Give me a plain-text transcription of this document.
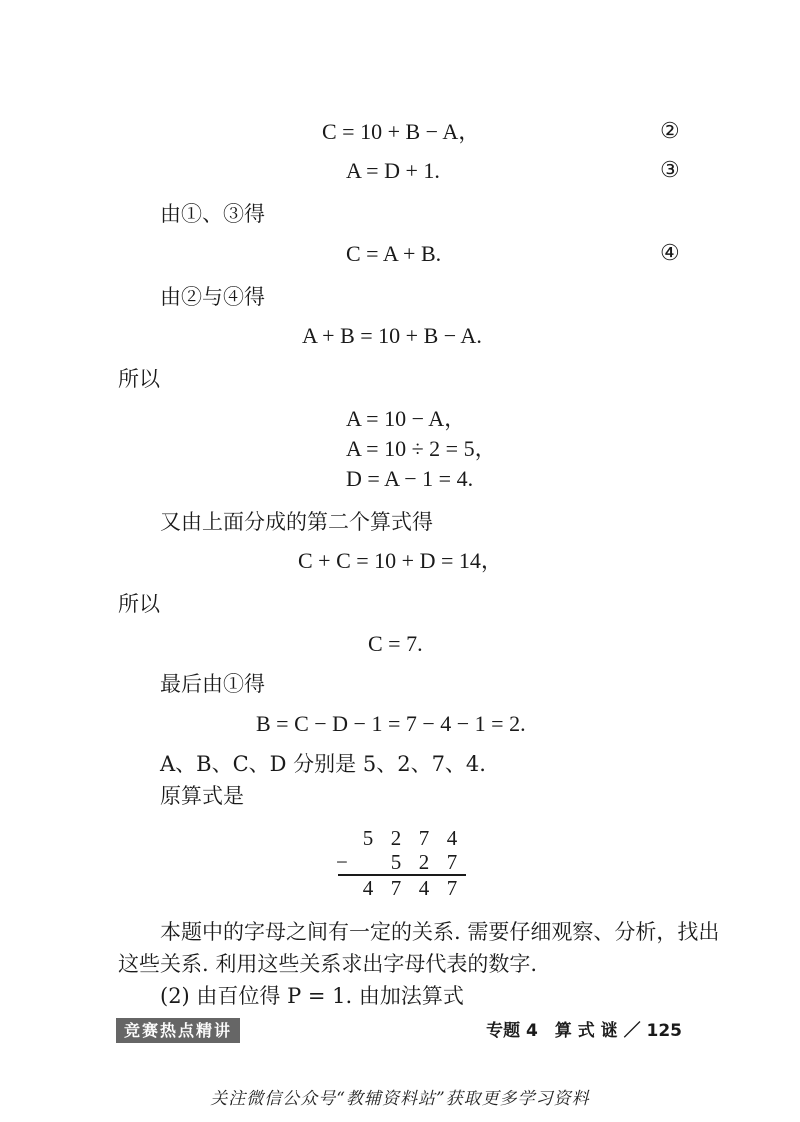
C = 10 + B − A，	②
A = D + 1.	③
由①、③得
C = A + B.	④
由②与④得
A + B = 10 + B − A.
所以
A = 10 − A，
A = 10 ÷ 2 = 5，
D = A − 1 = 4.
又由上面分成的第二个算式得
C + C = 10 + D = 14，
所以
C = 7.
最后由①得
B = C − D − 1 = 7 − 4 − 1 = 2.
A、B、C、D 分别是 5、2、7、4.
原算式是
5 2 7 4
−	5 2 7
4 7 4 7
本题中的字母之间有一定的关系. 需要仔细观察、分析，找出
这些关系. 利用这些关系求出字母代表的数字.
(2) 由百位得 P = 1. 由加法算式
竞赛热点精讲	专题 4　算 式 谜 ／ 125
关注微信公众号“教辅资料站”获取更多学习资料
